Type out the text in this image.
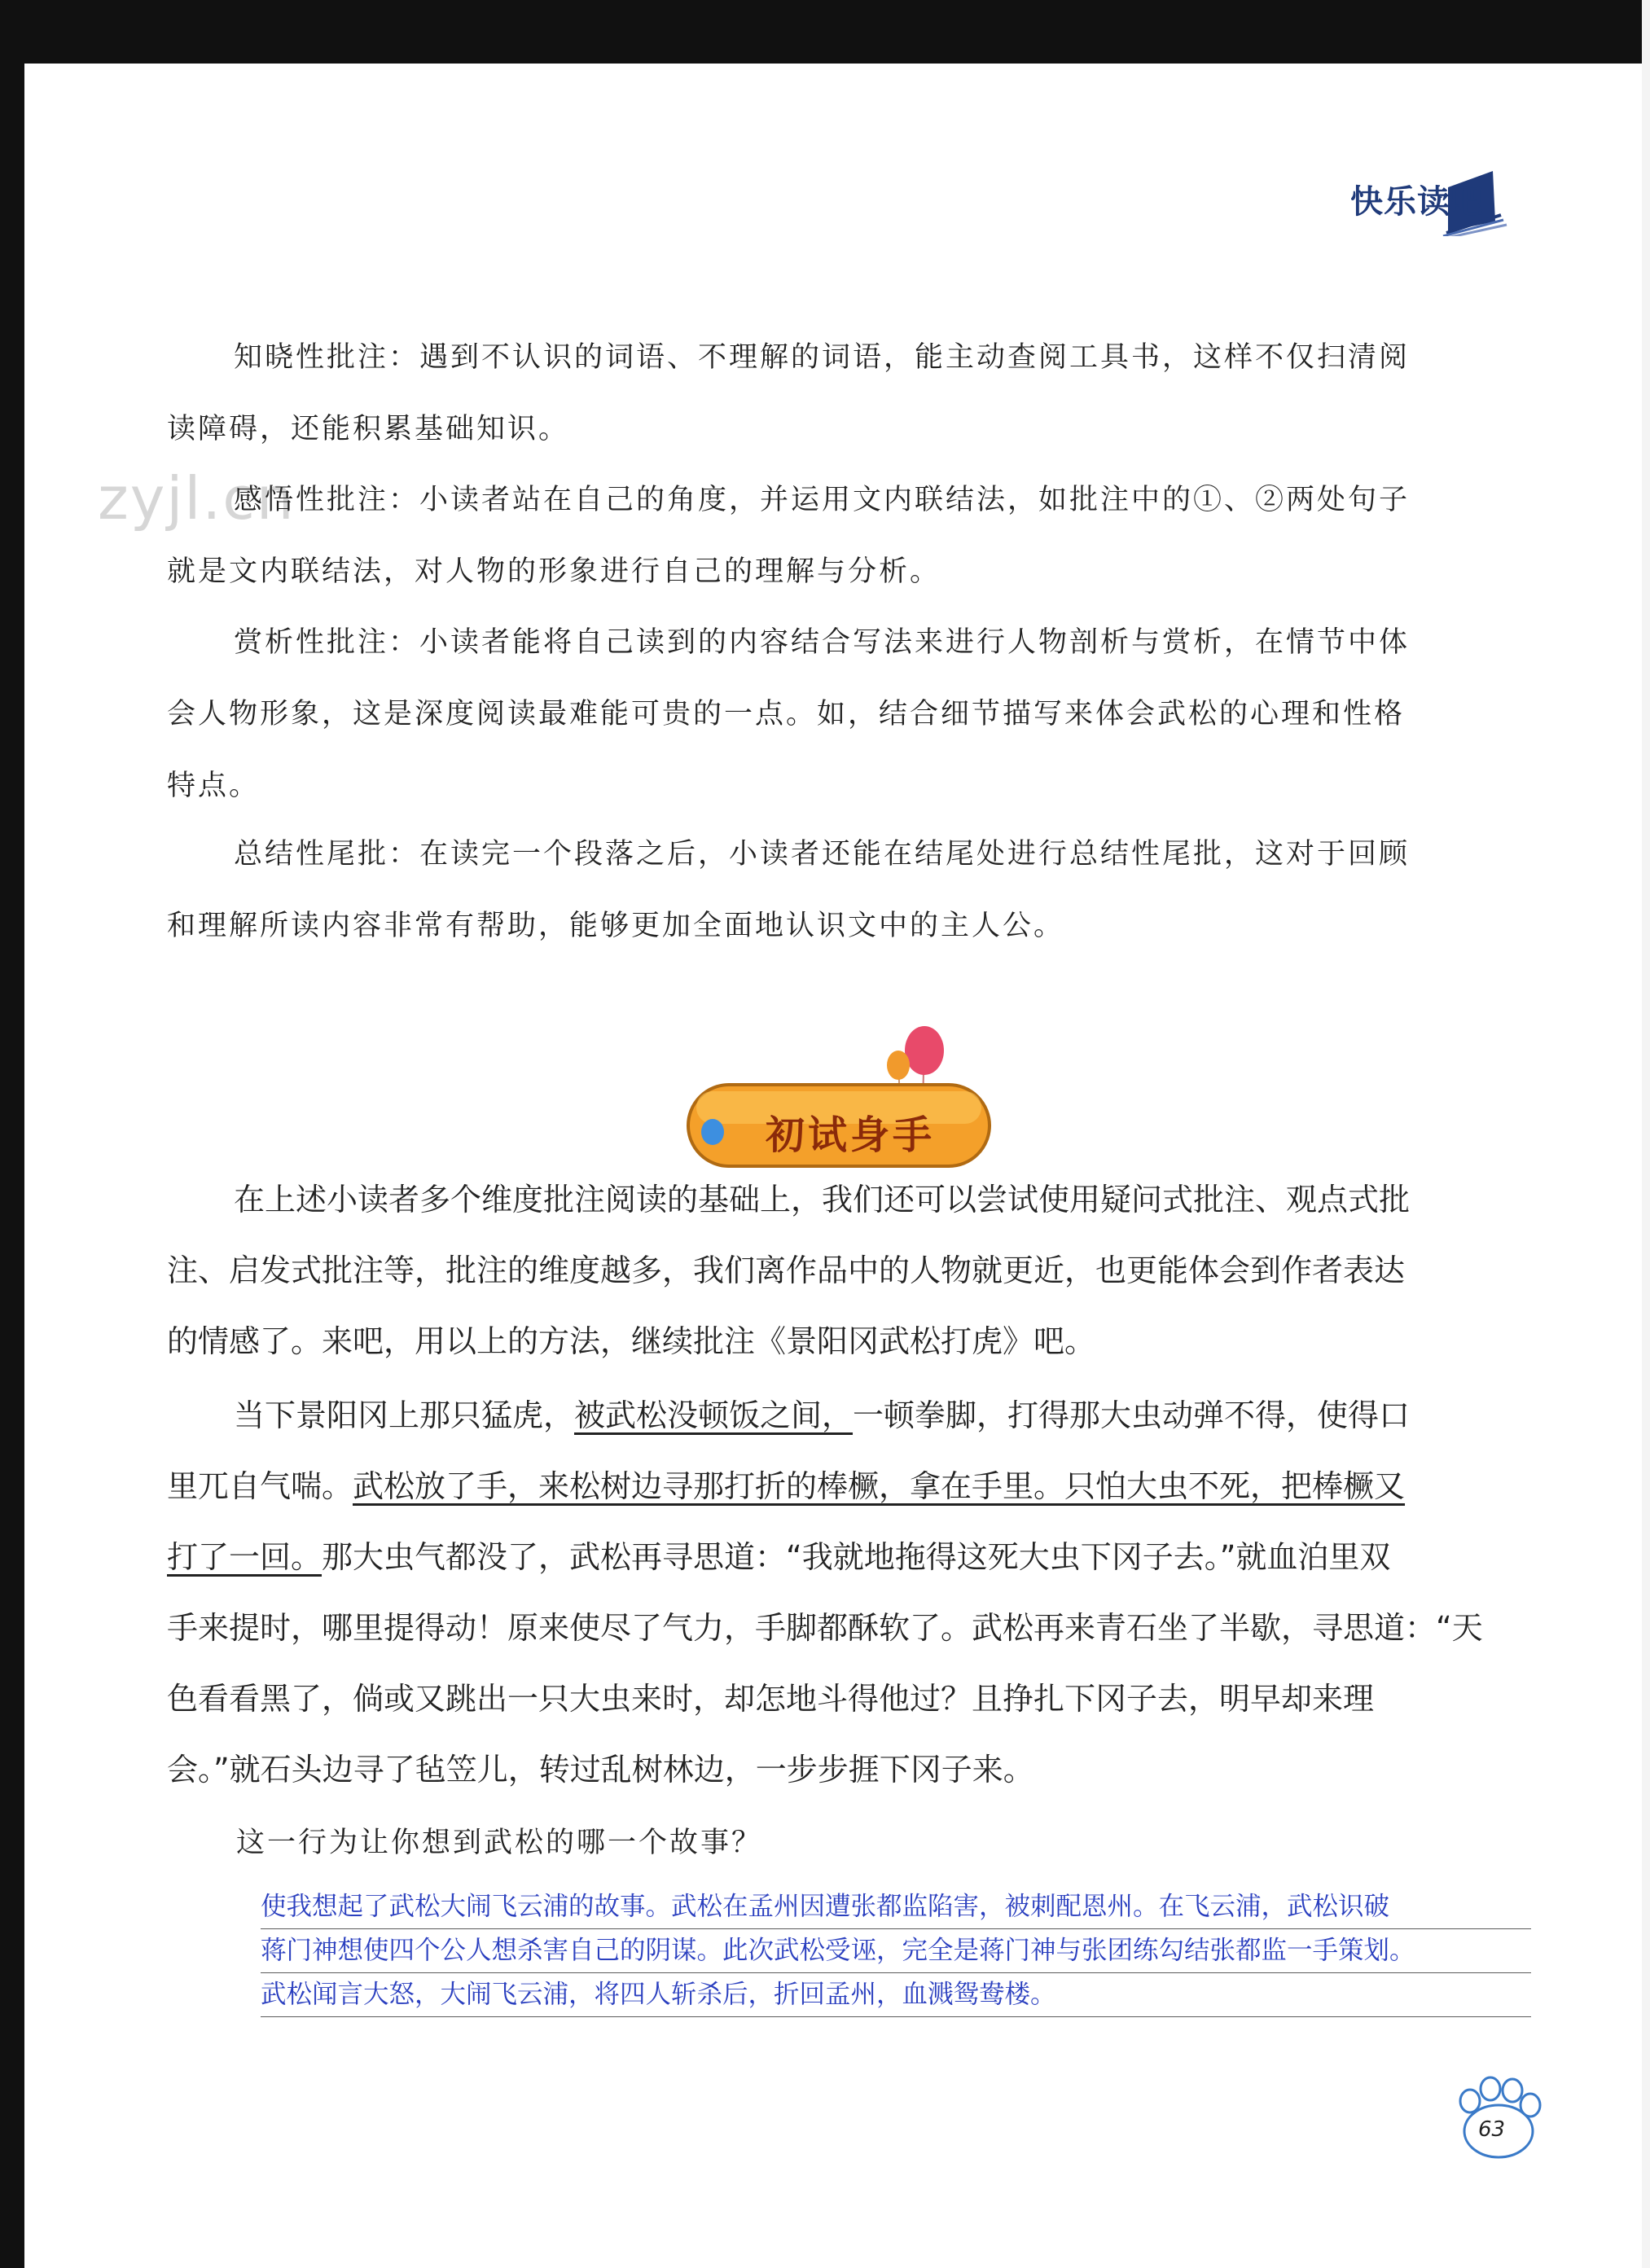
快乐读吧
zyjl.cn

知晓性批注：遇到不认识的词语、不理解的词语，能主动查阅工具书，这样不仅扫清阅

读障碍，还能积累基础知识。

感悟性批注：小读者站在自己的角度，并运用文内联结法，如批注中的①、②两处句子

就是文内联结法，对人物的形象进行自己的理解与分析。

赏析性批注：小读者能将自己读到的内容结合写法来进行人物剖析与赏析，在情节中体

会人物形象，这是深度阅读最难能可贵的一点。如，结合细节描写来体会武松的心理和性格

特点。

总结性尾批：在读完一个段落之后，小读者还能在结尾处进行总结性尾批，这对于回顾

和理解所读内容非常有帮助，能够更加全面地认识文中的主人公。

初试身手

在上述小读者多个维度批注阅读的基础上，我们还可以尝试使用疑问式批注、观点式批

注、启发式批注等，批注的维度越多，我们离作品中的人物就更近，也更能体会到作者表达

的情感了。来吧，用以上的方法，继续批注《景阳冈武松打虎》吧。

当下景阳冈上那只猛虎，被武松没顿饭之间，一顿拳脚，打得那大虫动弹不得，使得口

里兀自气喘。武松放了手，来松树边寻那打折的棒橛，拿在手里。只怕大虫不死，把棒橛又

打了一回。那大虫气都没了，武松再寻思道：“我就地拖得这死大虫下冈子去。”就血泊里双

手来提时，哪里提得动！原来使尽了气力，手脚都酥软了。武松再来青石坐了半歇，寻思道：“天

色看看黑了，倘或又跳出一只大虫来时，却怎地斗得他过？且挣扎下冈子去，明早却来理

会。”就石头边寻了毡笠儿，转过乱树林边，一步步捱下冈子来。

这一行为让你想到武松的哪一个故事？
使我想起了武松大闹飞云浦的故事。武松在孟州因遭张都监陷害，被刺配恩州。在飞云浦，武松识破
蒋门神想使四个公人想杀害自己的阴谋。此次武松受诬，完全是蒋门神与张团练勾结张都监一手策划。
武松闻言大怒，大闹飞云浦，将四人斩杀后，折回孟州，血溅鸳鸯楼。
63
